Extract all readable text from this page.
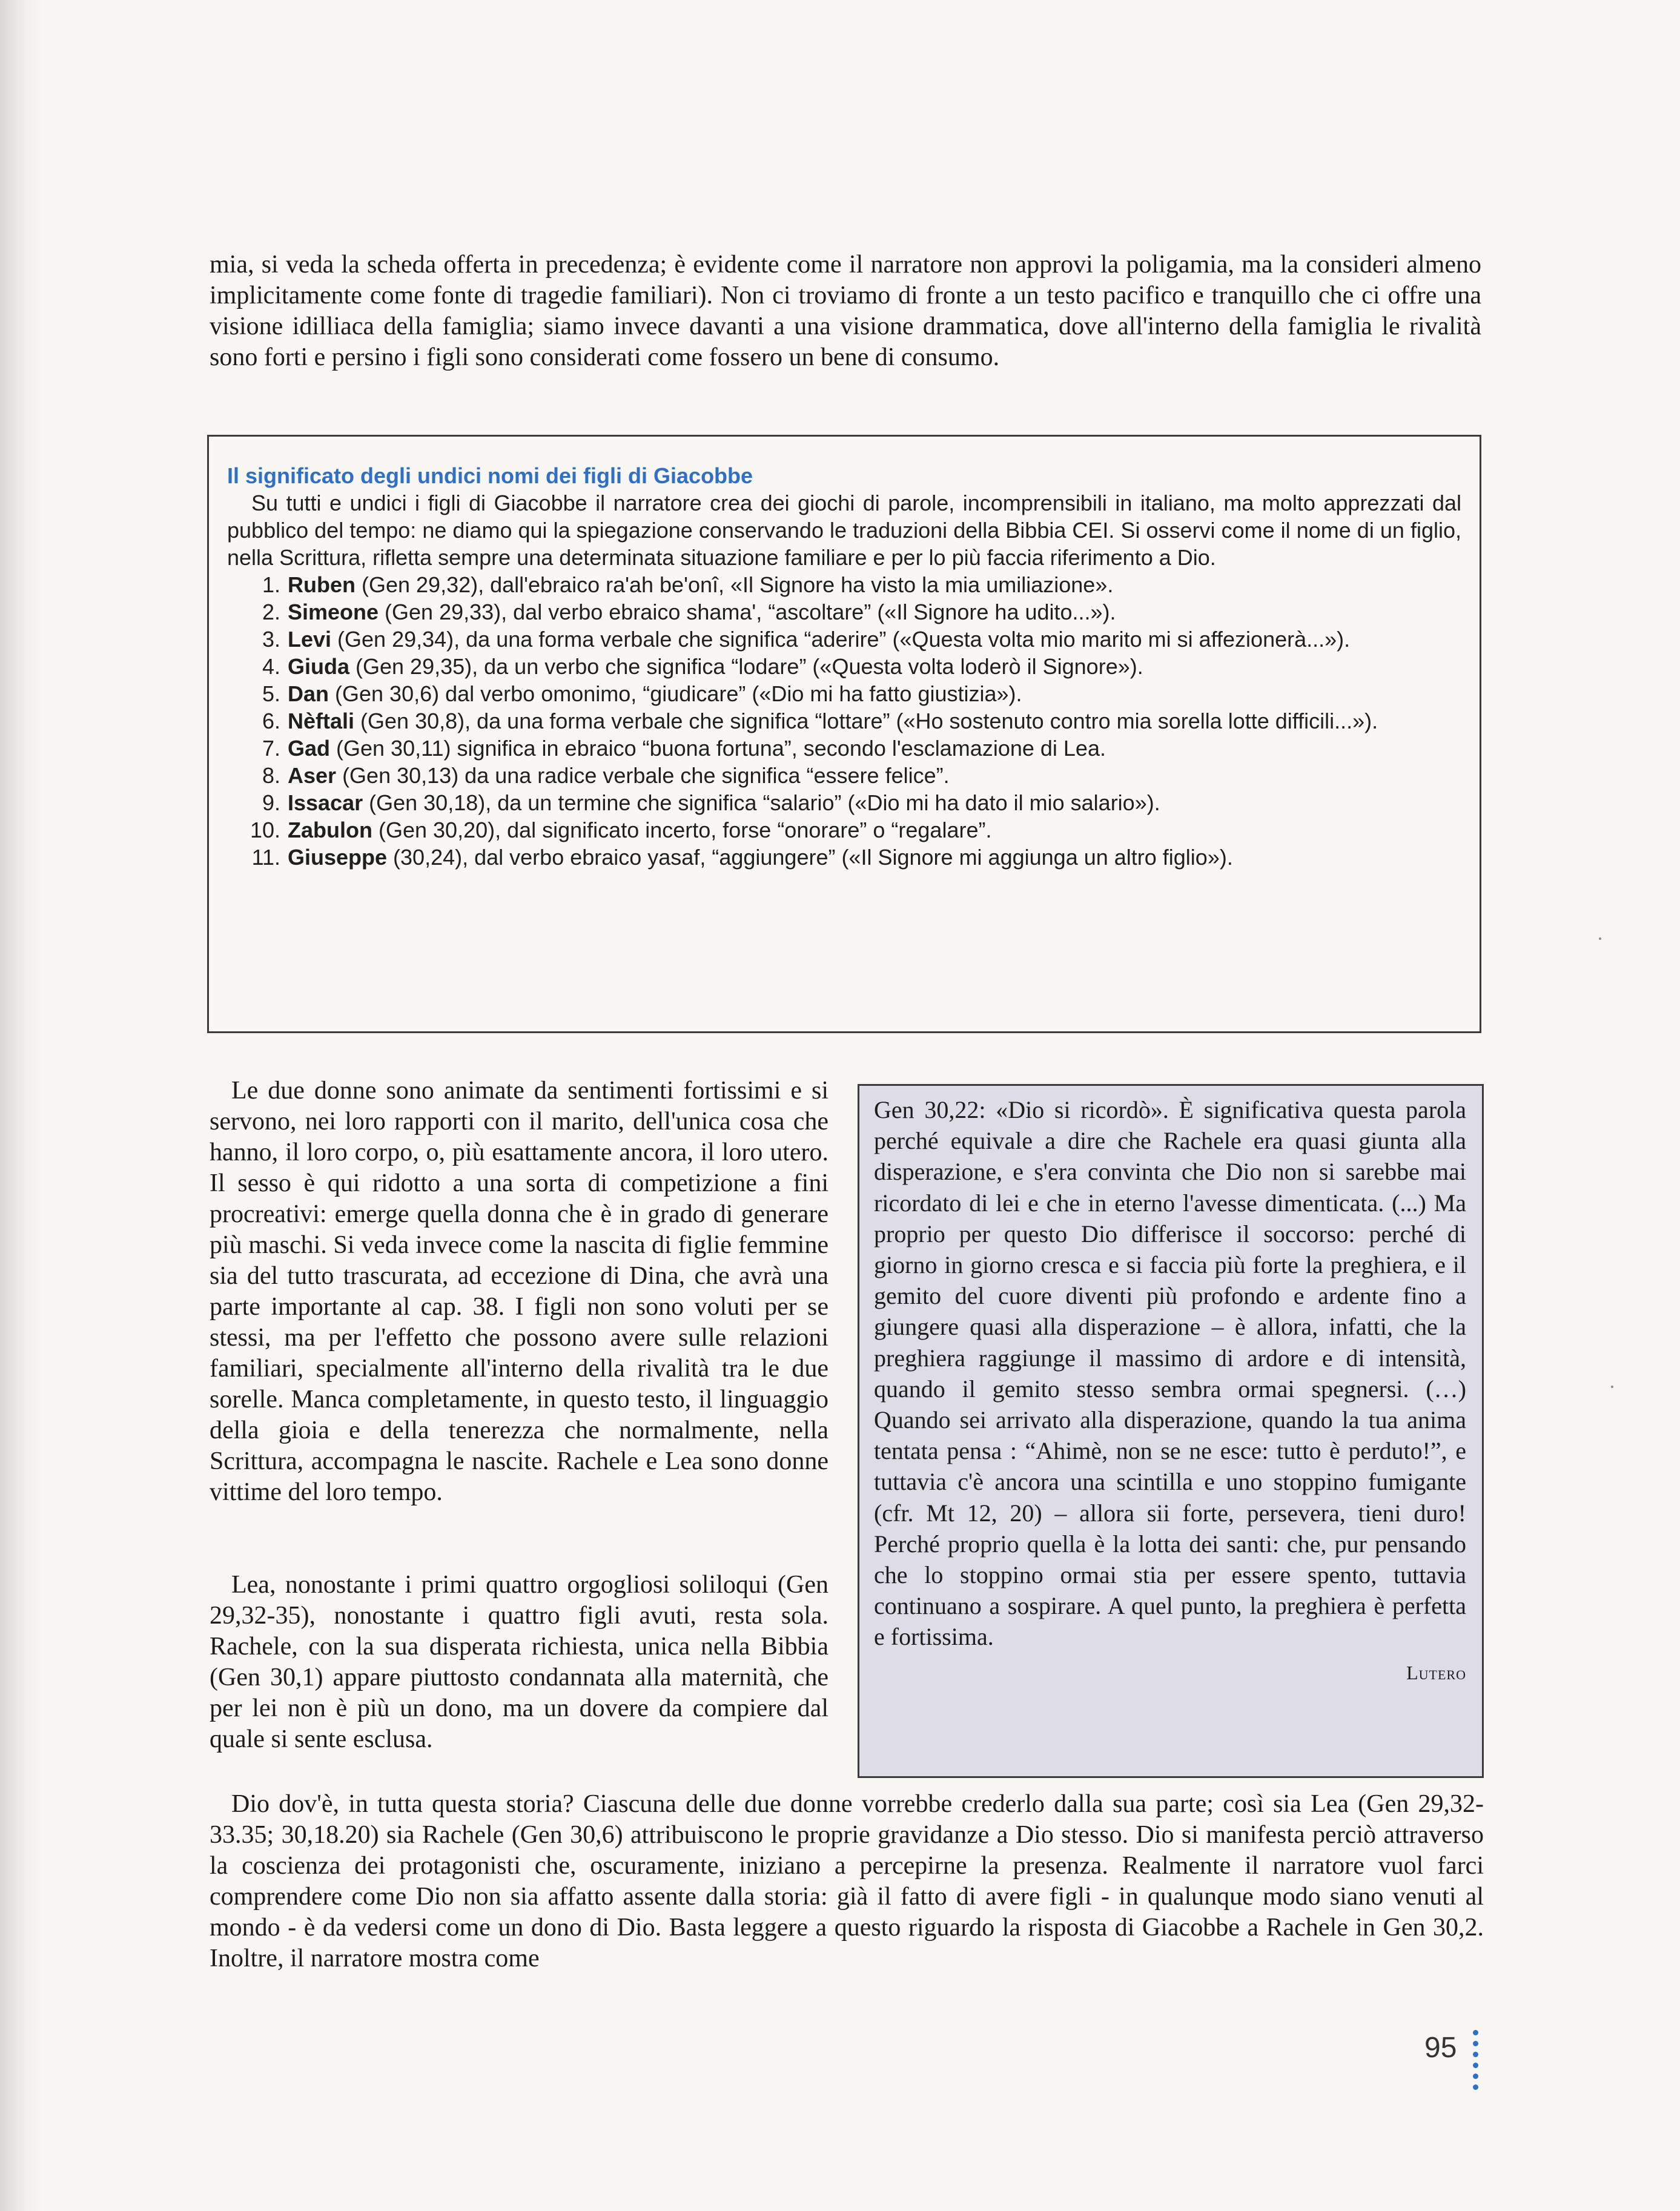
mia, si veda la scheda offerta in precedenza; è evidente come il narratore non approvi la poligamia, ma la consideri almeno implicitamente come fonte di tragedie familiari). Non ci troviamo di fronte a un testo pacifico e tranquillo che ci offre una visione idilliaca della famiglia; siamo invece davanti a una visione drammatica, dove all'interno della famiglia le rivalità sono forti e persino i figli sono considerati come fossero un bene di consumo.

Il significato degli undici nomi dei figli di Giacobbe

Su tutti e undici i figli di Giacobbe il narratore crea dei giochi di parole, incomprensibili in italiano, ma molto apprezzati dal pubblico del tempo: ne diamo qui la spiegazione conservando le traduzioni della Bibbia CEI. Si osservi come il nome di un figlio, nella Scrittura, rifletta sempre una determinata situazione familiare e per lo più faccia riferimento a Dio.

1. Ruben (Gen 29,32), dall'ebraico ra'ah be'onî, «Il Signore ha visto la mia umiliazione».
2. Simeone (Gen 29,33), dal verbo ebraico shama', “ascoltare” («Il Signore ha udito...»).
3. Levi (Gen 29,34), da una forma verbale che significa “aderire” («Questa volta mio marito mi si affezionerà...»).
4. Giuda (Gen 29,35), da un verbo che significa “lodare” («Questa volta loderò il Signore»).
5. Dan (Gen 30,6) dal verbo omonimo, “giudicare” («Dio mi ha fatto giustizia»).
6. Nèftali (Gen 30,8), da una forma verbale che significa “lottare” («Ho sostenuto contro mia sorella lotte difficili...»).
7. Gad (Gen 30,11) significa in ebraico “buona fortuna”, secondo l'esclamazione di Lea.
8. Aser (Gen 30,13) da una radice verbale che significa “essere felice”.
9. Issacar (Gen 30,18), da un termine che significa “salario” («Dio mi ha dato il mio salario»).
10. Zabulon (Gen 30,20), dal significato incerto, forse “onorare” o “regalare”.
11. Giuseppe (30,24), dal verbo ebraico yasaf, “aggiungere” («Il Signore mi aggiunga un altro figlio»).

Le due donne sono animate da sentimenti fortissimi e si servono, nei loro rapporti con il marito, dell'unica cosa che hanno, il loro corpo, o, più esattamente ancora, il loro utero. Il sesso è qui ridotto a una sorta di competizione a fini procreativi: emerge quella donna che è in grado di generare più maschi. Si veda invece come la nascita di figlie femmine sia del tutto trascurata, ad eccezione di Dina, che avrà una parte importante al cap. 38. I figli non sono voluti per se stessi, ma per l'effetto che possono avere sulle relazioni familiari, specialmente all'interno della rivalità tra le due sorelle. Manca completamente, in questo testo, il linguaggio della gioia e della tenerezza che normalmente, nella Scrittura, accompagna le nascite. Rachele e Lea sono donne vittime del loro tempo.

Lea, nonostante i primi quattro orgogliosi soliloqui (Gen 29,32-35), nonostante i quattro figli avuti, resta sola. Rachele, con la sua disperata richiesta, unica nella Bibbia (Gen 30,1) appare piuttosto condannata alla maternità, che per lei non è più un dono, ma un dovere da compiere dal quale si sente esclusa.

Gen 30,22: «Dio si ricordò». È significativa questa parola perché equivale a dire che Rachele era quasi giunta alla disperazione, e s'era convinta che Dio non si sarebbe mai ricordato di lei e che in eterno l'avesse dimenticata. (...) Ma proprio per questo Dio differisce il soccorso: perché di giorno in giorno cresca e si faccia più forte la preghiera, e il gemito del cuore diventi più profondo e ardente fino a giungere quasi alla disperazione – è allora, infatti, che la preghiera raggiunge il massimo di ardore e di intensità, quando il gemito stesso sembra ormai spegnersi. (…) Quando sei arrivato alla disperazione, quando la tua anima tentata pensa : “Ahimè, non se ne esce: tutto è perduto!”, e tuttavia c'è ancora una scintilla e uno stoppino fumigante (cfr. Mt 12, 20) – allora sii forte, persevera, tieni duro! Perché proprio quella è la lotta dei santi: che, pur pensando che lo stoppino ormai stia per essere spento, tuttavia continuano a sospirare. A quel punto, la preghiera è perfetta e fortissima.

Lutero

Dio dov'è, in tutta questa storia? Ciascuna delle due donne vorrebbe crederlo dalla sua parte; così sia Lea (Gen 29,32-33.35; 30,18.20) sia Rachele (Gen 30,6) attribuiscono le proprie gravidanze a Dio stesso. Dio si manifesta perciò attraverso la coscienza dei protagonisti che, oscuramente, iniziano a percepirne la presenza. Realmente il narratore vuol farci comprendere come Dio non sia affatto assente dalla storia: già il fatto di avere figli - in qualunque modo siano venuti al mondo - è da vedersi come un dono di Dio. Basta leggere a questo riguardo la risposta di Giacobbe a Rachele in Gen 30,2. Inoltre, il narratore mostra come

95
